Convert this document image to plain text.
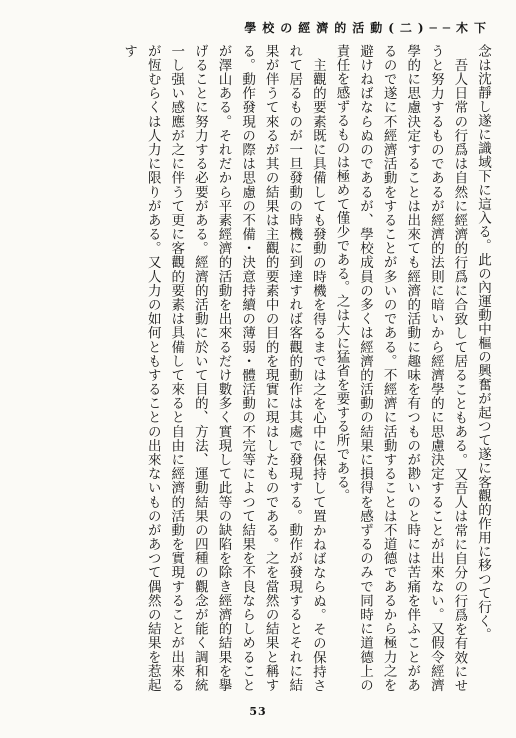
學校の經濟的活動(二)──木下

念は沈靜し遂に識域下に這入る。此の內運動中樞の興奮が起つて遂に客觀的作用に移つて行く。

吾人日常の行爲は自然に經濟的行爲に合致して居ることもある。又吾人は常に自分の行爲を有效にせうと努力するものであるが經濟的法則に暗いから經濟學的に思慮決定することが出來ない。又假令經濟學的に思慮決定することは出來ても經濟的活動に趣味を有つものが尠いのと時には苦痛を伴ふことがあるので遂に不經濟活動をすることが多いのである。不經濟に活動することは不道德であるから極力之を避けねばならぬのであるが、學校成員の多くは經濟的活動の結果に損得を感ずるのみで同時に道德上の責任を感ずるものは極めて僅少である。之は大に猛省を要する所である。

主觀的要素既に具備しても發動の時機を得るまでは之を心中に保持して置かねばならぬ。その保持されて居るものが一旦發動の時機に到達すれば客觀的動作は其處で發現する。動作が發現するとそれに結果が伴うて來るが其の結果は主觀的要素中の目的を現實に現はしたものである。之を當然の結果と稱する。動作發現の際は思慮の不備・決意持續の薄弱・體活動の不完等によつて結果を不良ならしめることが澤山ある。それだから平素經濟的活動を出來るだけ數多く實現して此等の缺陷を除き經濟的結果を擧げることに努力する必要がある。經濟的活動に於いて目的、方法、運動結果の四種の觀念が能く調和統一し强い感應が之に伴うて更に客觀的要素は具備して來ると自由に經濟的活動を實現することが出來るが恆むらくは人力に限りがある。又人力の如何ともすることの出來ないものがあつて偶然の結果を惹起す

53
